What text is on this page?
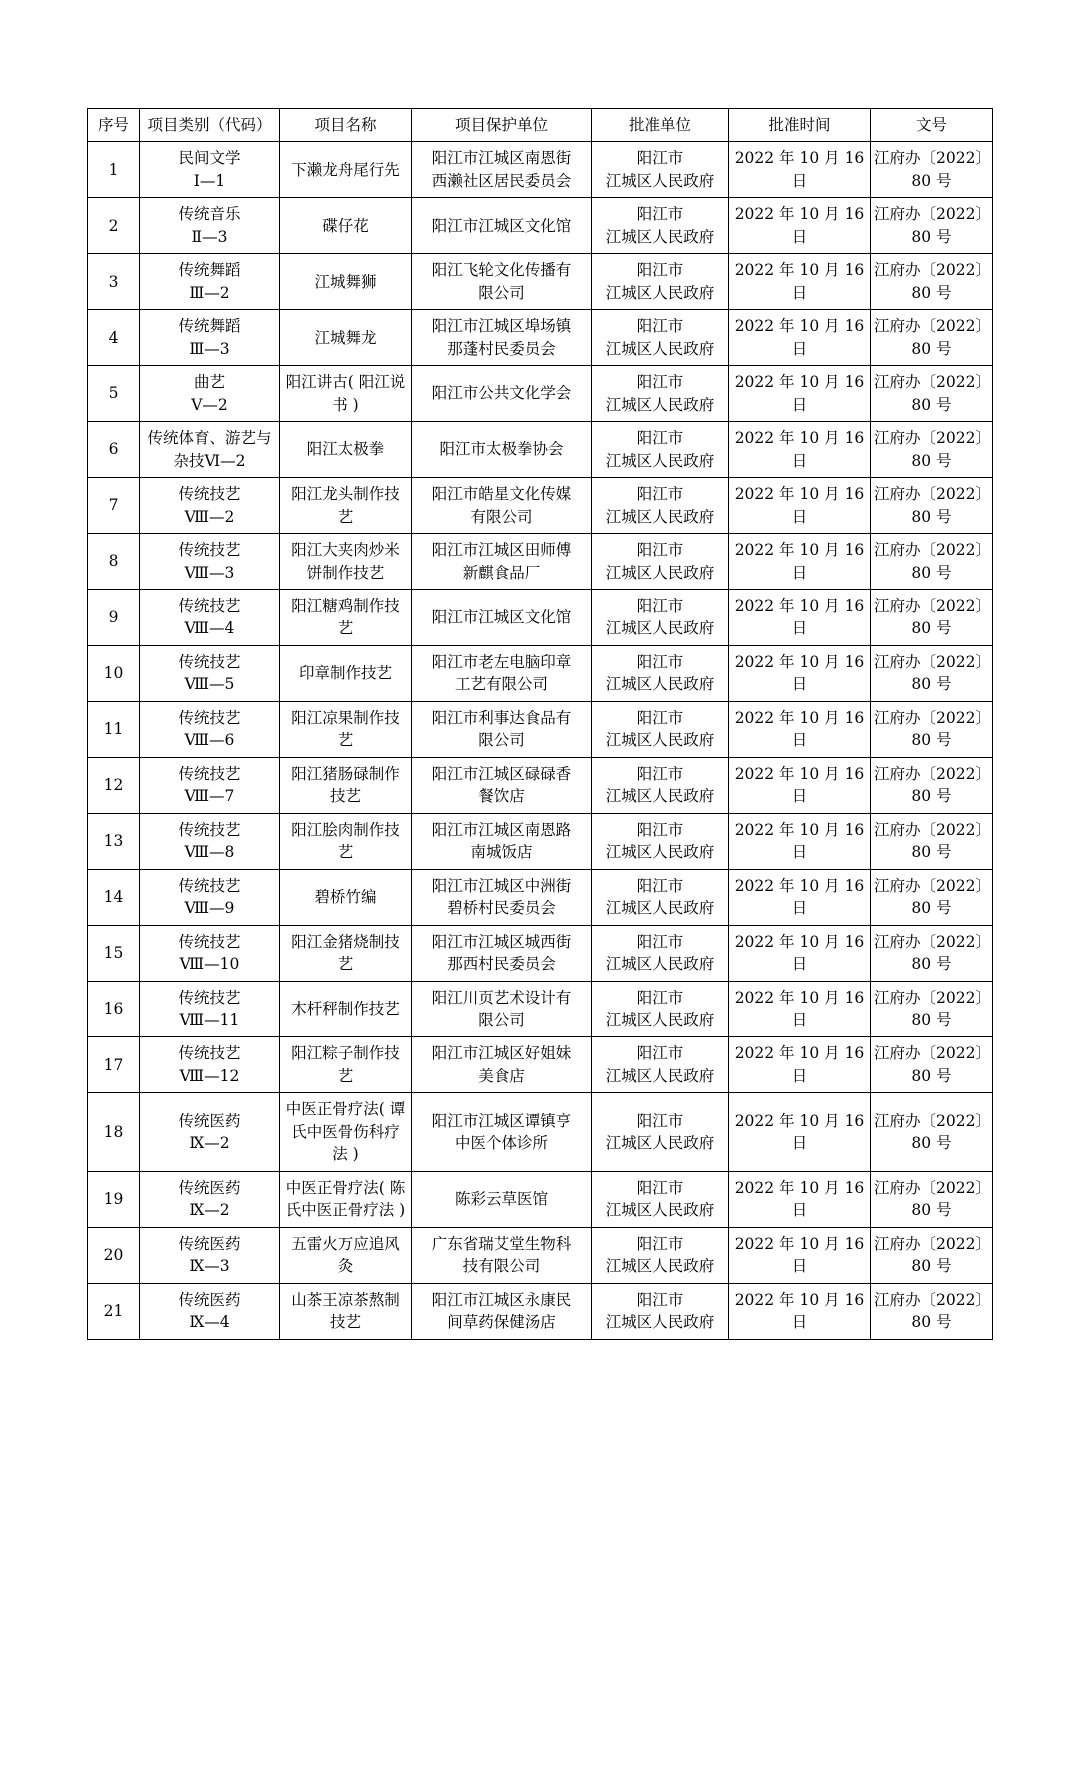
序号	项目类别（代码）	项目名称	项目保护单位	批准单位	批准时间	文号

1	民间文学
Ⅰ—1	下濑龙舟尾行先	阳江市江城区南恩街
西濑社区居民委员会	阳江市
江城区人民政府	2022 年 10 月 16 日	江府办〔2022〕
80 号

2	传统音乐
Ⅱ—3	碟仔花	阳江市江城区文化馆	阳江市
江城区人民政府	2022 年 10 月 16 日	江府办〔2022〕
80 号

3	传统舞蹈
Ⅲ—2	江城舞狮	阳江飞轮文化传播有
限公司	阳江市
江城区人民政府	2022 年 10 月 16 日	江府办〔2022〕
80 号

4	传统舞蹈
Ⅲ—3	江城舞龙	阳江市江城区埠场镇
那蓬村民委员会	阳江市
江城区人民政府	2022 年 10 月 16 日	江府办〔2022〕
80 号

5	曲艺
Ⅴ—2	阳江讲古( 阳江说
书 )	阳江市公共文化学会	阳江市
江城区人民政府	2022 年 10 月 16 日	江府办〔2022〕
80 号

6	传统体育、游艺与
杂技Ⅵ—2	阳江太极拳	阳江市太极拳协会	阳江市
江城区人民政府	2022 年 10 月 16 日	江府办〔2022〕
80 号

7	传统技艺
Ⅷ—2	阳江龙头制作技
艺	阳江市皓星文化传媒
有限公司	阳江市
江城区人民政府	2022 年 10 月 16 日	江府办〔2022〕
80 号

8	传统技艺
Ⅷ—3	阳江大夹肉炒米
饼制作技艺	阳江市江城区田师傅
新麒食品厂	阳江市
江城区人民政府	2022 年 10 月 16 日	江府办〔2022〕
80 号

9	传统技艺
Ⅷ—4	阳江糖鸡制作技
艺	阳江市江城区文化馆	阳江市
江城区人民政府	2022 年 10 月 16 日	江府办〔2022〕
80 号

10	传统技艺
Ⅷ—5	印章制作技艺	阳江市老左电脑印章
工艺有限公司	阳江市
江城区人民政府	2022 年 10 月 16 日	江府办〔2022〕
80 号

11	传统技艺
Ⅷ—6	阳江凉果制作技
艺	阳江市利事达食品有
限公司	阳江市
江城区人民政府	2022 年 10 月 16 日	江府办〔2022〕
80 号

12	传统技艺
Ⅷ—7	阳江猪肠碌制作
技艺	阳江市江城区碌碌香
餐饮店	阳江市
江城区人民政府	2022 年 10 月 16 日	江府办〔2022〕
80 号

13	传统技艺
Ⅷ—8	阳江脍肉制作技
艺	阳江市江城区南恩路
南城饭店	阳江市
江城区人民政府	2022 年 10 月 16 日	江府办〔2022〕
80 号

14	传统技艺
Ⅷ—9	碧桥竹编	阳江市江城区中洲街
碧桥村民委员会	阳江市
江城区人民政府	2022 年 10 月 16 日	江府办〔2022〕
80 号

15	传统技艺
Ⅷ—10	阳江金猪烧制技
艺	阳江市江城区城西街
那西村民委员会	阳江市
江城区人民政府	2022 年 10 月 16 日	江府办〔2022〕
80 号

16	传统技艺
Ⅷ—11	木杆秤制作技艺	阳江川页艺术设计有
限公司	阳江市
江城区人民政府	2022 年 10 月 16 日	江府办〔2022〕
80 号

17	传统技艺
Ⅷ—12	阳江粽子制作技
艺	阳江市江城区好姐妹
美食店	阳江市
江城区人民政府	2022 年 10 月 16 日	江府办〔2022〕
80 号

18	传统医药
Ⅸ—2	中医正骨疗法( 谭
氏中医骨伤科疗
法 )	阳江市江城区谭镇亨
中医个体诊所	阳江市
江城区人民政府	2022 年 10 月 16 日	江府办〔2022〕
80 号

19	传统医药
Ⅸ—2	中医正骨疗法( 陈
氏中医正骨疗法 )	陈彩云草医馆	阳江市
江城区人民政府	2022 年 10 月 16 日	江府办〔2022〕
80 号

20	传统医药
Ⅸ—3	五雷火万应追风
灸	广东省瑞艾堂生物科
技有限公司	阳江市
江城区人民政府	2022 年 10 月 16 日	江府办〔2022〕
80 号

21	传统医药
Ⅸ—4	山茶王凉茶熬制
技艺	阳江市江城区永康民
间草药保健汤店	阳江市
江城区人民政府	2022 年 10 月 16 日	江府办〔2022〕
80 号
